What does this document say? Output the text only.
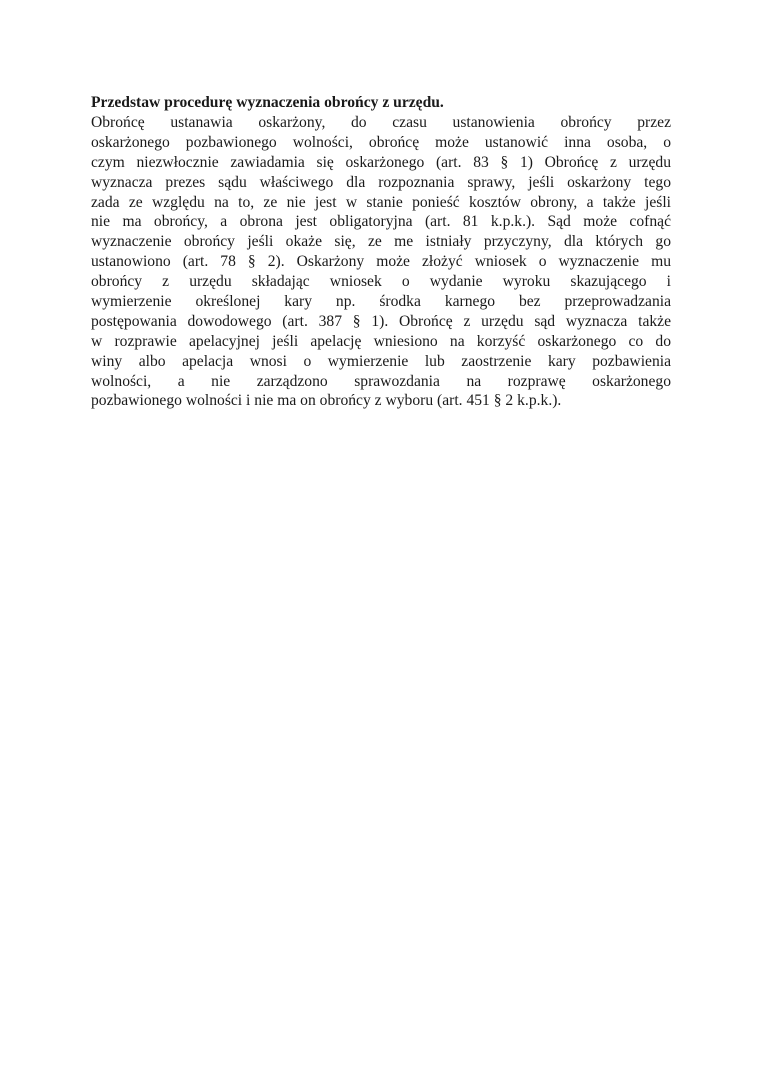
Przedstaw procedurę wyznaczenia obrońcy z urzędu.
Obrońcę ustanawia oskarżony, do czasu ustanowienia obrońcy przez
oskarżonego pozbawionego wolności, obrońcę może ustanowić inna osoba, o
czym niezwłocznie zawiadamia się oskarżonego (art. 83 § 1) Obrońcę z urzędu
wyznacza prezes sądu właściwego dla rozpoznania sprawy, jeśli oskarżony tego
zada ze względu na to, ze nie jest w stanie ponieść kosztów obrony, a także jeśli
nie ma obrońcy, a obrona jest obligatoryjna (art. 81 k.p.k.). Sąd może cofnąć
wyznaczenie obrońcy jeśli okaże się, ze me istniały przyczyny, dla których go
ustanowiono (art. 78 § 2). Oskarżony może złożyć wniosek o wyznaczenie mu
obrońcy z urzędu składając wniosek o wydanie wyroku skazującego i
wymierzenie określonej kary np. środka karnego bez przeprowadzania
postępowania dowodowego (art. 387 § 1). Obrońcę z urzędu sąd wyznacza także
w rozprawie apelacyjnej jeśli apelację wniesiono na korzyść oskarżonego co do
winy albo apelacja wnosi o wymierzenie lub zaostrzenie kary pozbawienia
wolności, a nie zarządzono sprawozdania na rozprawę oskarżonego
pozbawionego wolności i nie ma on obrońcy z wyboru (art. 451 § 2 k.p.k.).
